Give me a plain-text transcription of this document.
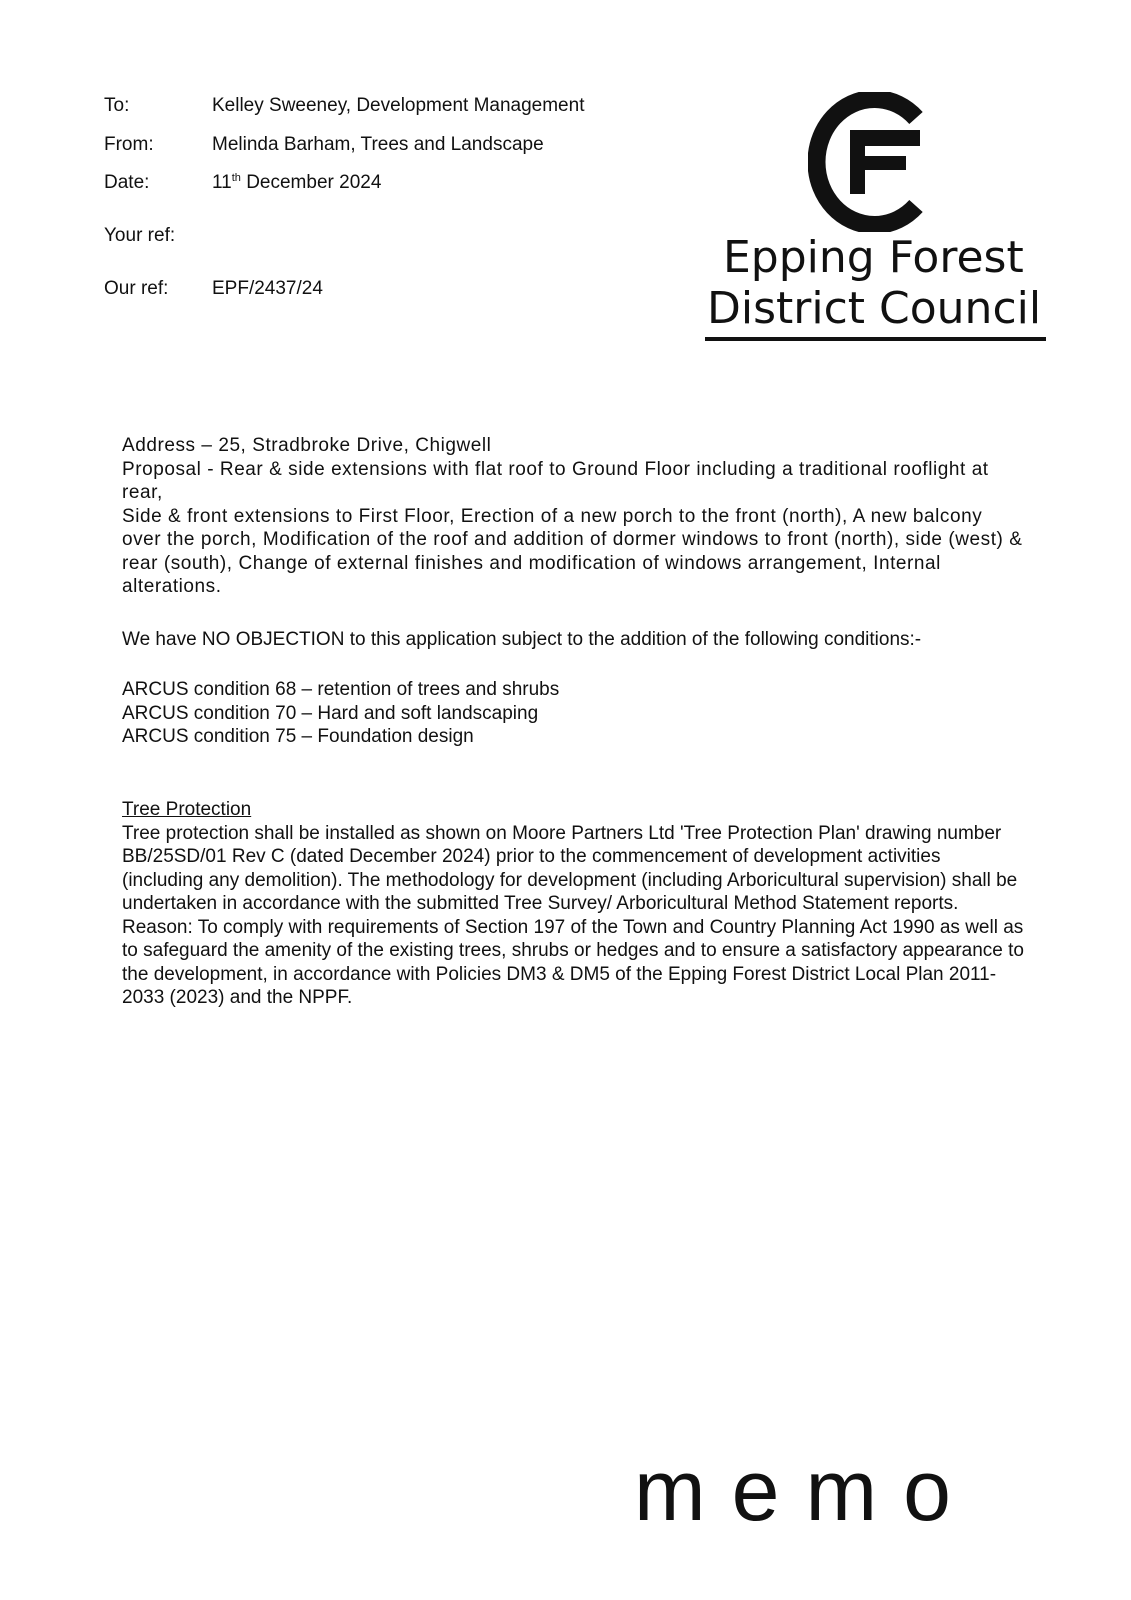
To:	Kelley Sweeney, Development Management
From:	Melinda Barham, Trees and Landscape
Date:	11th December 2024
Your ref:
Our ref: EPF/2437/24
Epping Forest
District Council

Address – 25, Stradbroke Drive, Chigwell

Proposal - Rear & side extensions with flat roof to Ground Floor including a traditional rooflight at rear,

Side & front extensions to First Floor, Erection of a new porch to the front (north), A new balcony over the porch, Modification of the roof and addition of dormer windows to front (north), side (west) & rear (south), Change of external finishes and modification of windows arrangement, Internal alterations.

We have NO OBJECTION to this application subject to the addition of the following conditions:-

ARCUS condition 68 – retention of trees and shrubs

ARCUS condition 70 – Hard and soft landscaping

ARCUS condition 75 – Foundation design

Tree Protection

Tree protection shall be installed as shown on Moore Partners Ltd 'Tree Protection Plan' drawing number BB/25SD/01 Rev C (dated December 2024) prior to the commencement of development activities (including any demolition). The methodology for development (including Arboricultural supervision) shall be undertaken in accordance with the submitted Tree Survey/ Arboricultural Method Statement reports.

Reason: To comply with requirements of Section 197 of the Town and Country Planning Act 1990 as well as to safeguard the amenity of the existing trees, shrubs or hedges and to ensure a satisfactory appearance to the development, in accordance with Policies DM3 & DM5 of the Epping Forest District Local Plan 2011-2033 (2023) and the NPPF.

memo
